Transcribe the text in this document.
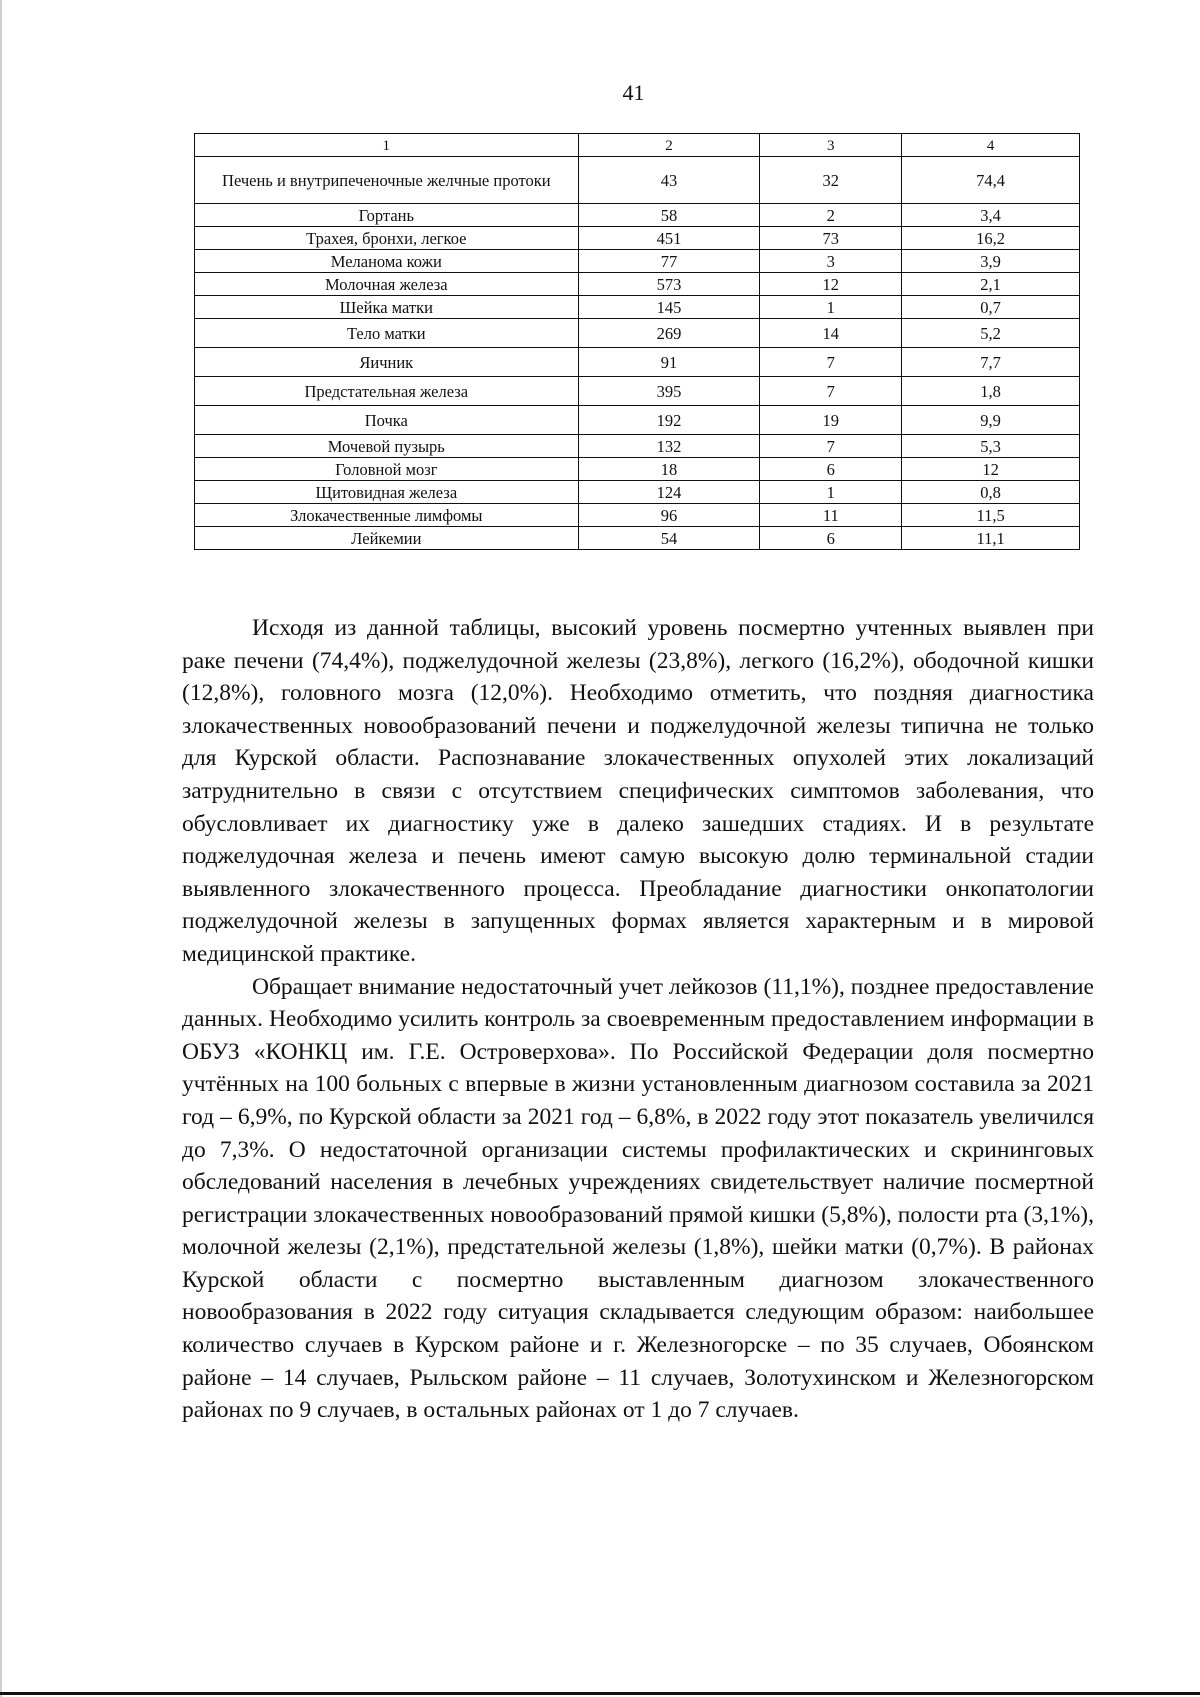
41
1	2	3	4
Печень и внутрипеченочные желчные протоки	43	32	74,4
Гортань	58	2	3,4
Трахея, бронхи, легкое	451	73	16,2
Меланома кожи	77	3	3,9
Молочная железа	573	12	2,1
Шейка матки	145	1	0,7
Тело матки	269	14	5,2
Яичник	91	7	7,7
Предстательная железа	395	7	1,8
Почка	192	19	9,9
Мочевой пузырь	132	7	5,3
Головной мозг	18	6	12
Щитовидная железа	124	1	0,8
Злокачественные лимфомы	96	11	11,5
Лейкемии	54	6	11,1

Исходя из данной таблицы, высокий уровень посмертно учтенных выявлен при раке печени (74,4%), поджелудочной железы (23,8%), легкого (16,2%), ободочной кишки (12,8%), головного мозга (12,0%). Необходимо отметить, что поздняя диагностика злокачественных новообразований печени и поджелудочной железы типична не только для Курской области. Распознавание злокачественных опухолей этих локализаций затруднительно в связи с отсутствием специфических симптомов заболевания, что обусловливает их диагностику уже в далеко зашедших стадиях. И в результате поджелудочная железа и печень имеют самую высокую долю терминальной стадии выявленного злокачественного процесса. Преобладание диагностики онкопатологии поджелудочной железы в запущенных формах является характерным и в мировой медицинской практике.

Обращает внимание недостаточный учет лейкозов (11,1%), позднее предоставление данных. Необходимо усилить контроль за своевременным предоставлением информации в ОБУЗ «КОНКЦ им. Г.Е. Островерхова». По Российской Федерации доля посмертно учтённых на 100 больных с впервые в жизни установленным диагнозом составила за 2021 год – 6,9%, по Курской области за 2021 год – 6,8%, в 2022 году этот показатель увеличился до 7,3%. О недостаточной организации системы профилактических и скрининговых обследований населения в лечебных учреждениях свидетельствует наличие посмертной регистрации злокачественных новообразований прямой кишки (5,8%), полости рта (3,1%), молочной железы (2,1%), предстательной железы (1,8%), шейки матки (0,7%). В районах Курской области с посмертно выставленным диагнозом злокачественного новообразования в 2022 году ситуация складывается следующим образом: наибольшее количество случаев в Курском районе и г. Железногорске – по 35 случаев, Обоянском районе – 14 случаев, Рыльском районе – 11 случаев, Золотухинском и Железногорском районах по 9 случаев, в остальных районах от 1 до 7 случаев.
